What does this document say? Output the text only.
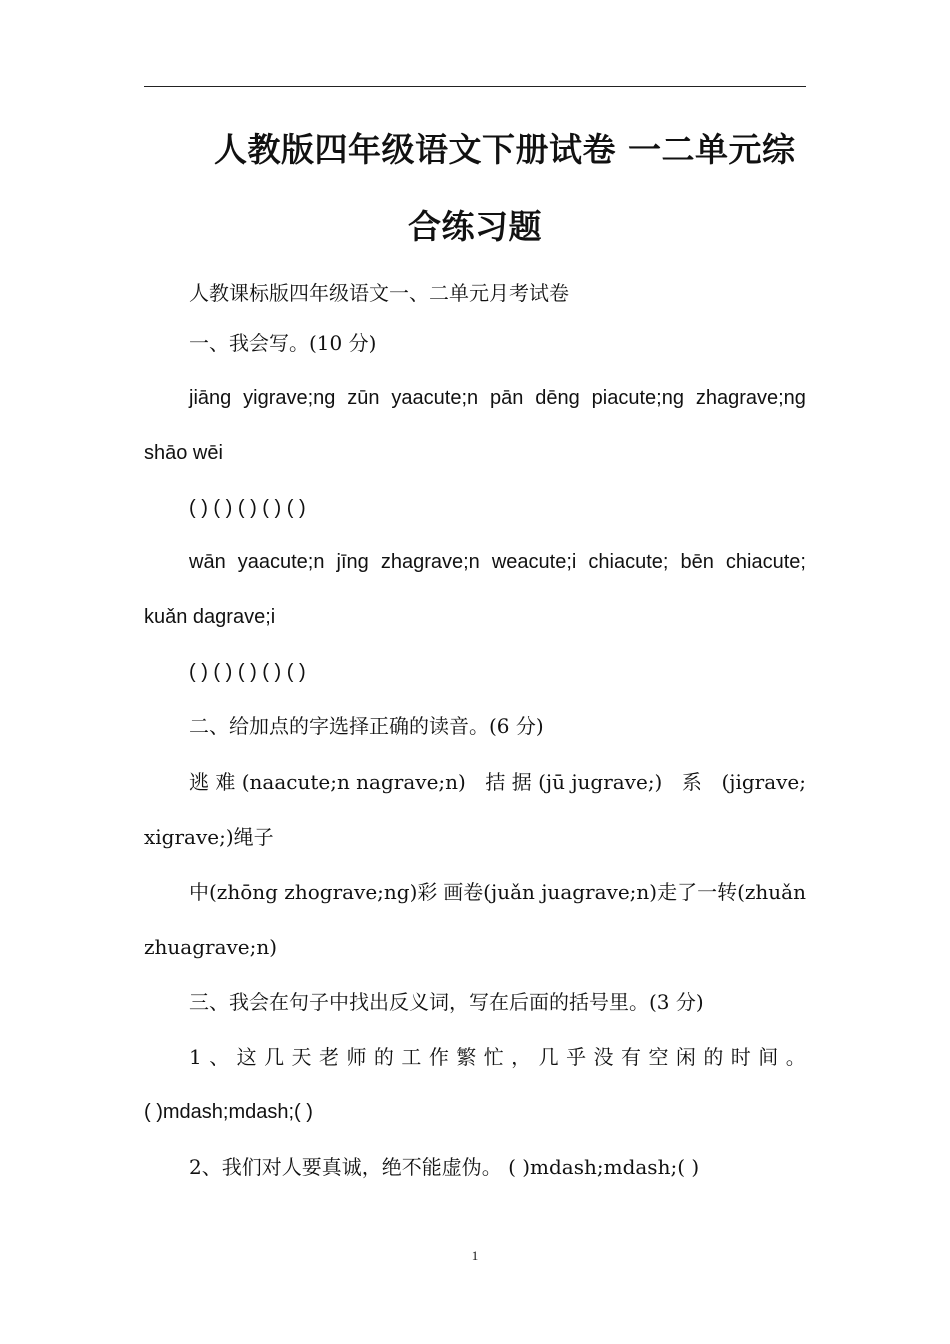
人教版四年级语文下册试卷 一二单元综
合练习题
人教课标版四年级语文一、二单元月考试卷
一、我会写。(10 分)
jiāng yigrave;ng zūn yaacute;n pān dēng piacute;ng zhagrave;ng
shāo wēi
( ) ( ) ( ) ( ) ( )
wān yaacute;n jīng zhagrave;n weacute;i chiacute; bēn chiacute;
kuǎn dagrave;i
( ) ( ) ( ) ( ) ( )
二、给加点的字选择正确的读音。(6 分)
逃 难 (naacute;n nagrave;n) 拮 据 (jū jugrave;) 系 (jigrave;
xigrave;)绳子
中(zhōng zhograve;ng)彩 画卷(juǎn juagrave;n)走了一转(zhuǎn
zhuagrave;n)
三、我会在句子中找出反义词，写在后面的括号里。(3 分)
1 、 这 几 天 老 师 的 工 作 繁 忙 ， 几 乎 没 有 空 闲 的 时 间 。
( )mdash;mdash;( )
2、我们对人要真诚，绝不能虚伪。 ( )mdash;mdash;( )
1
